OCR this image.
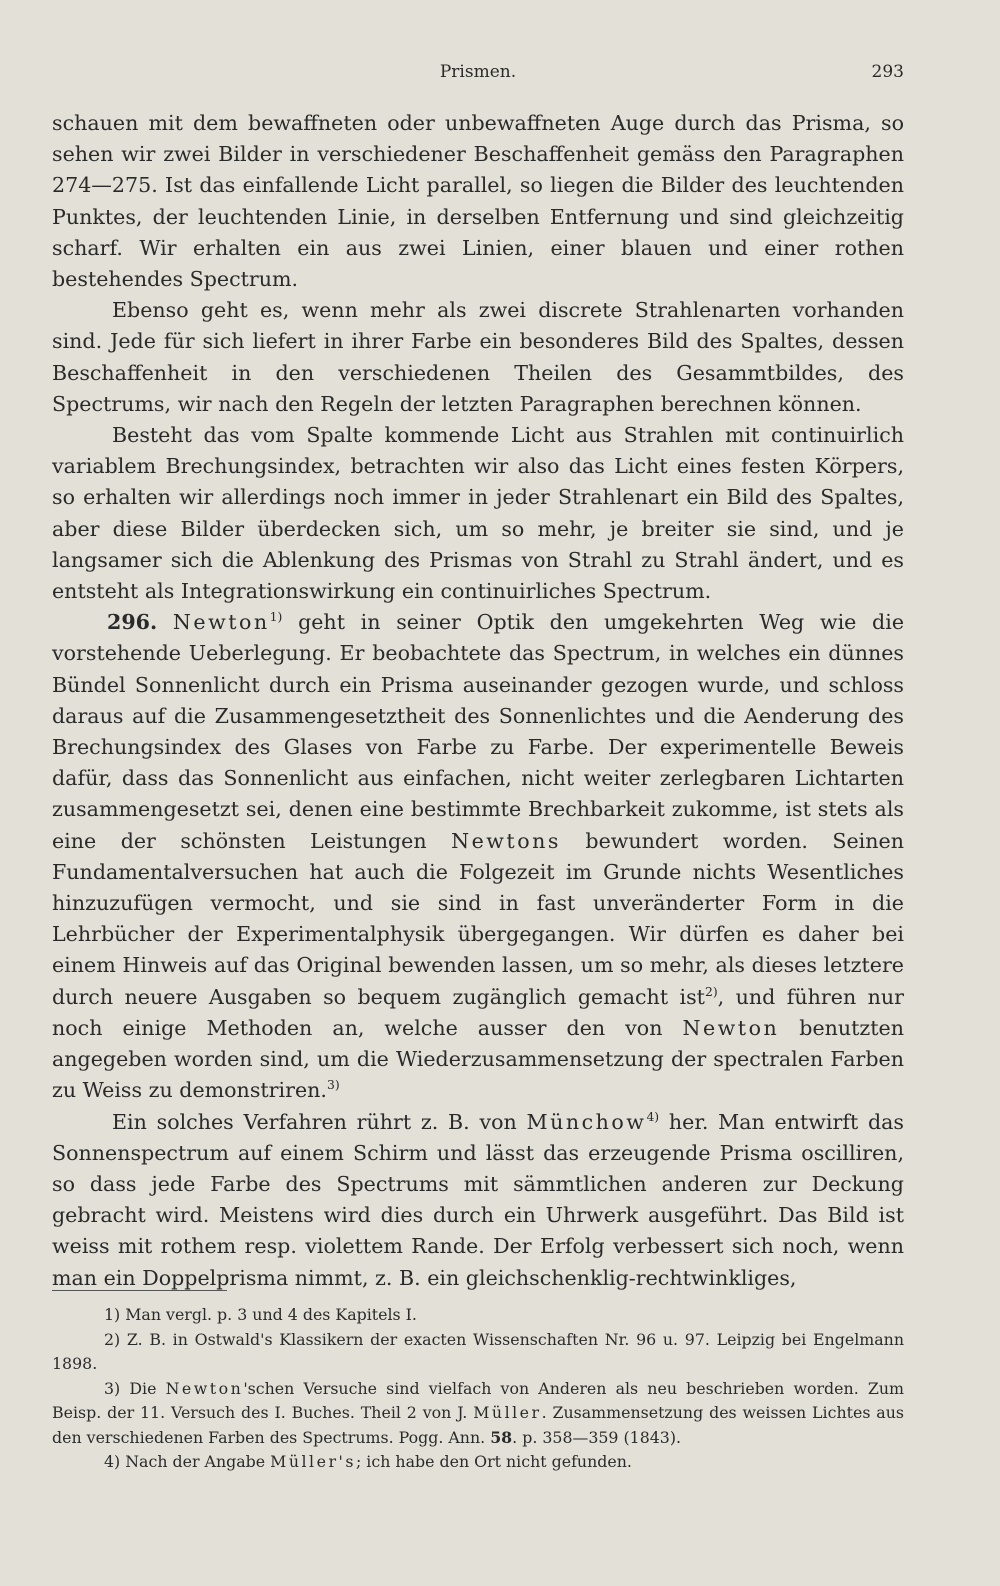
Prismen.	293

schauen mit dem bewaffneten oder unbewaffneten Auge durch das Prisma, so sehen wir zwei Bilder in verschiedener Beschaffenheit gemäss den Paragraphen 274—275. Ist das einfallende Licht parallel, so liegen die Bilder des leuchtenden Punktes, der leuchtenden Linie, in derselben Entfernung und sind gleichzeitig scharf. Wir erhalten ein aus zwei Linien, einer blauen und einer rothen bestehendes Spectrum.

Ebenso geht es, wenn mehr als zwei discrete Strahlenarten vorhanden sind. Jede für sich liefert in ihrer Farbe ein besonderes Bild des Spaltes, dessen Beschaffenheit in den verschiedenen Theilen des Gesammtbildes, des Spectrums, wir nach den Regeln der letzten Paragraphen berechnen können.

Besteht das vom Spalte kommende Licht aus Strahlen mit continuirlich variablem Brechungsindex, betrachten wir also das Licht eines festen Körpers, so erhalten wir allerdings noch immer in jeder Strahlenart ein Bild des Spaltes, aber diese Bilder überdecken sich, um so mehr, je breiter sie sind, und je langsamer sich die Ablenkung des Prismas von Strahl zu Strahl ändert, und es entsteht als Integrationswirkung ein continuirliches Spectrum.

296. Newton$^{1)}$ geht in seiner Optik den umgekehrten Weg wie die vorstehende Ueberlegung. Er beobachtete das Spectrum, in welches ein dünnes Bündel Sonnenlicht durch ein Prisma auseinander gezogen wurde, und schloss daraus auf die Zusammengesetztheit des Sonnenlichtes und die Aenderung des Brechungsindex des Glases von Farbe zu Farbe. Der experimentelle Beweis dafür, dass das Sonnenlicht aus einfachen, nicht weiter zerlegbaren Lichtarten zusammengesetzt sei, denen eine bestimmte Brechbarkeit zukomme, ist stets als eine der schönsten Leistungen Newtons bewundert worden. Seinen Fundamentalversuchen hat auch die Folgezeit im Grunde nichts Wesentliches hinzuzufügen vermocht, und sie sind in fast unveränderter Form in die Lehrbücher der Experimentalphysik übergegangen. Wir dürfen es daher bei einem Hinweis auf das Original bewenden lassen, um so mehr, als dieses letztere durch neuere Ausgaben so bequem zugänglich gemacht ist$^{2)}$, und führen nur noch einige Methoden an, welche ausser den von Newton benutzten angegeben worden sind, um die Wiederzusammensetzung der spectralen Farben zu Weiss zu demonstriren.$^{3)}$

Ein solches Verfahren rührt z. B. von Münchow$^{4)}$ her. Man entwirft das Sonnenspectrum auf einem Schirm und lässt das erzeugende Prisma oscilliren, so dass jede Farbe des Spectrums mit sämmtlichen anderen zur Deckung gebracht wird. Meistens wird dies durch ein Uhrwerk ausgeführt. Das Bild ist weiss mit rothem resp. violettem Rande. Der Erfolg verbessert sich noch, wenn man ein Doppelprisma nimmt, z. B. ein gleichschenklig-rechtwinkliges,

1) Man vergl. p. 3 und 4 des Kapitels I.

2) Z. B. in Ostwald's Klassikern der exacten Wissenschaften Nr. 96 u. 97. Leipzig bei Engelmann 1898.

3) Die Newton'schen Versuche sind vielfach von Anderen als neu beschrieben worden. Zum Beisp. der 11. Versuch des I. Buches. Theil 2 von J. Müller. Zusammensetzung des weissen Lichtes aus den verschiedenen Farben des Spectrums. Pogg. Ann. 58. p. 358—359 (1843).

4) Nach der Angabe Müller's; ich habe den Ort nicht gefunden.
